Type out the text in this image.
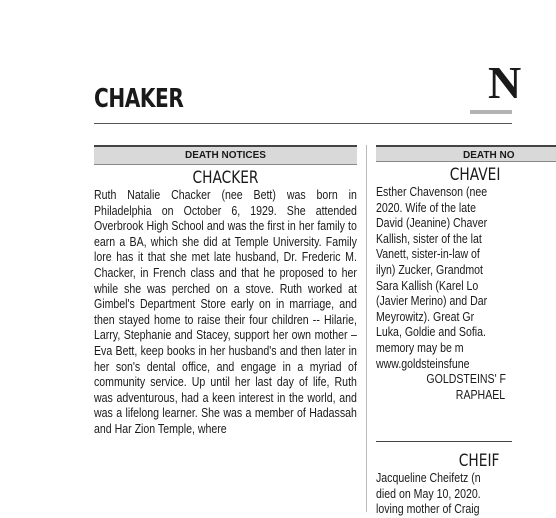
CHAKER	N
DEATH NOTICES
CHACKER

Ruth Natalie Chacker (nee Bett) was born in Philadelphia on October 6, 1929. She attended Overbrook High School and was the first in her family to earn a BA, which she did at Temple University. Family lore has it that she met late husband, Dr. Frederic M. Chacker, in French class and that he proposed to her while she was perched on a stove. Ruth worked at Gimbel's Department Store early on in marriage, and then stayed home to raise their four children -- Hilarie, Larry, Stephanie and Stacey, support her own mother – Eva Bett, keep books in her husband's and then later in her son's dental office, and engage in a myriad of community service. Up until her last day of life, Ruth was adventurous, had a keen interest in the world, and was a lifelong learner. She was a member of Hadassah and Har Zion Temple, where

DEATH NO
CHAVEI
Esther Chavenson (nee
2020. Wife of the late
David (Jeanine) Chaver
Kallish, sister of the lat
Vanett, sister-in-law of
ilyn) Zucker, Grandmot
Sara Kallish (Karel Lo
(Javier Merino) and Dar
Meyrowitz). Great Gr
Luka, Goldie and Sofia.
memory may be m
www.goldsteinsfune
GOLDSTEINS' F
RAPHAEL
CHEIF
Jacqueline Cheifetz (n
died on May 10, 2020.
loving mother of Craig
